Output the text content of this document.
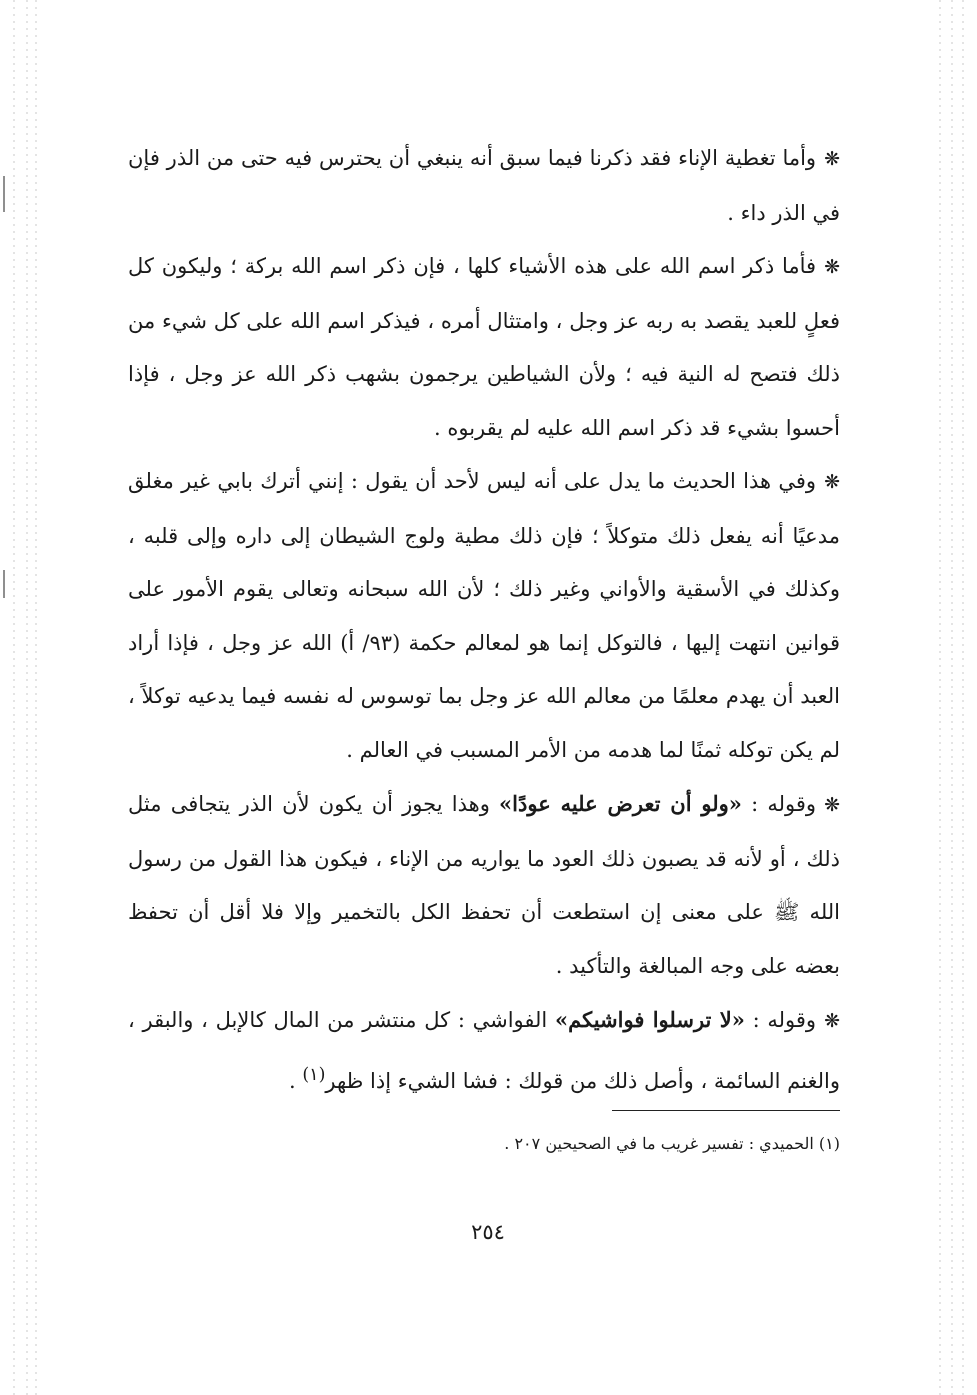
❋وأما تغطية الإناء فقد ذكرنا فيما سبق أنه ينبغي أن يحترس فيه حتى من الذر فإن في الذر داء .

❋فأما ذكر اسم الله على هذه الأشياء كلها ، فإن ذكر اسم الله بركة ؛ وليكون كل فعلٍ للعبد يقصد به ربه عز وجل ، وامتثال أمره ، فيذكر اسم الله على كل شيء من ذلك فتصح له النية فيه ؛ ولأن الشياطين يرجمون بشهب ذكر الله عز وجل ، فإذا أحسوا بشيء قد ذكر اسم الله عليه لم يقربوه .

❋وفي هذا الحديث ما يدل على أنه ليس لأحد أن يقول : إنني أترك بابي غير مغلق مدعيًا أنه يفعل ذلك متوكلاً ؛ فإن ذلك مطية ولوج الشيطان إلى داره وإلى قلبه ، وكذلك في الأسقية والأواني وغير ذلك ؛ لأن الله سبحانه وتعالى يقوم الأمور على قوانين انتهت إليها ، فالتوكل إنما هو لمعالم حكمة (٩٣/ أ) الله عز وجل ، فإذا أراد العبد أن يهدم معلمًا من معالم الله عز وجل بما توسوس له نفسه فيما يدعيه توكلاً ، لم يكن توكله ثمنًا لما هدمه من الأمر المسبب في العالم .

❋وقوله : «ولو أن تعرض عليه عودًا» وهذا يجوز أن يكون لأن الذر يتجافى مثل ذلك ، أو لأنه قد يصبون ذلك العود ما يواريه من الإناء ، فيكون هذا القول من رسول الله ﷺ على معنى إن استطعت أن تحفظ الكل بالتخمير وإلا فلا أقل أن تحفظ بعضه على وجه المبالغة والتأكيد .

❋وقوله : «لا ترسلوا فواشيكم» الفواشي : كل منتشر من المال كالإبل ، والبقر ، والغنم السائمة ، وأصل ذلك من قولك : فشا الشيء إذا ظهر$^{(١)}$ .

(١) الحميدي : تفسير غريب ما في الصحيحين ٢٠٧ .
٢٥٤
